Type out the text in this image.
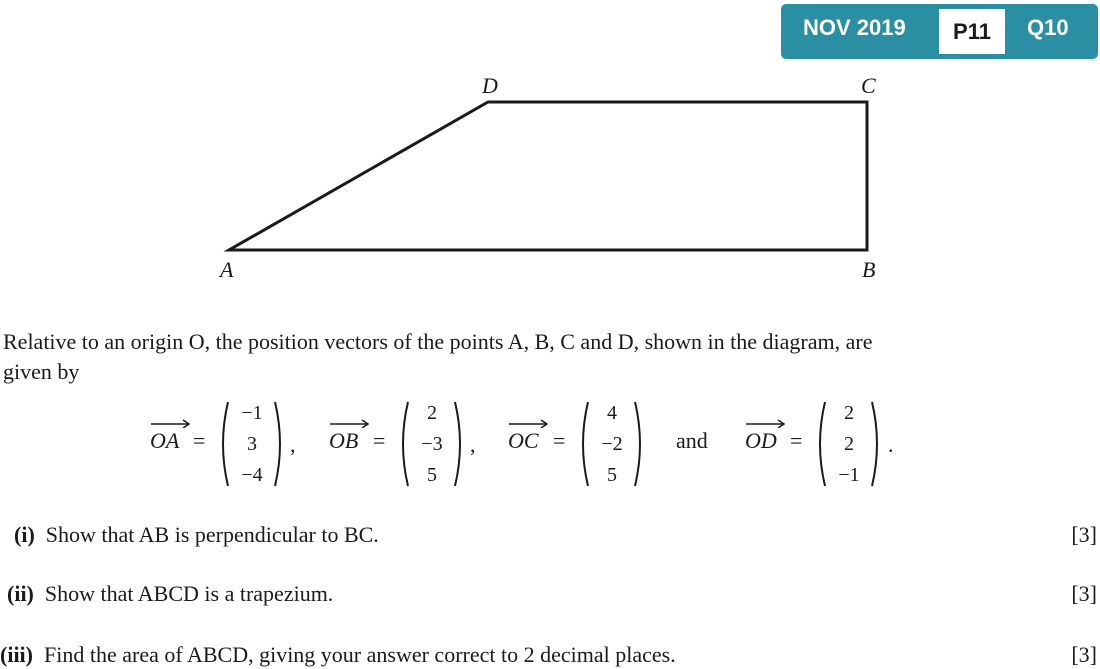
NOV 2019	P11	Q10
D	C
A	B
Relative to an origin O, the position vectors of the points A, B, C and D, shown in the diagram, are
given by
OA =
−1
3
−4
, OB =
2
−3
5
, OC =
4
−2
5
and OD =
2
2
−1
.
(i) Show that AB is perpendicular to BC.	[3]
(ii) Show that ABCD is a trapezium.	[3]
(iii) Find the area of ABCD, giving your answer correct to 2 decimal places.	[3]
